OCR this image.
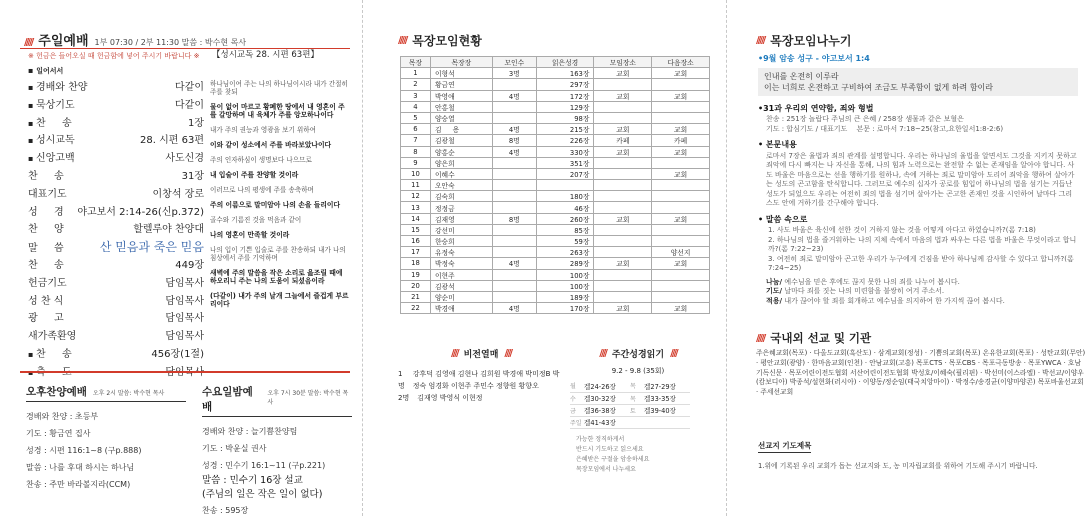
///// 주일예배 1부 07:30 / 2부 11:30 말씀 : 박수현 목사
※ 헌금은 들어오실 때 헌금함에 넣어 주시기 바랍니다 ※ 【성시교독 28. 시편 63편】
▪ 일어서서
▪ 경배와 찬양	다같이
▪ 묵상기도	다같이
▪ 찬 　 송	1장
▪ 성시교독	28. 시편 63편
▪ 신앙고백	사도신경
찬 　 송	31장
대표기도	이창석 장로
성 　 경 야고보서 2:14-26(신p.372)
찬 　 양	할렐루야 찬양대
말 　 씀	산 믿음과 죽은 믿음
찬 　 송	449장
헌금기도	담임목사
성 찬 식	담임목사
광 　 고	담임목사
새가족환영	담임목사
▪ 찬 　 송	456장(1절)
▪ 축 　 도	담임목사

하나님이여 주는 나의 하나님이시라 내가 간절히 주를 찾되

물이 없어 마르고 황폐한 땅에서 내 영혼이 주를 갈망하며 내 육체가 주를 앙모하나이다

내가 주의 권능과 영광을 보기 위하여

이와 같이 성소에서 주를 바라보았나이다

주의 인자하심이 생명보다 나으므로

내 입술이 주를 찬양할 것이라

이러므로 나의 평생에 주를 송축하며

주의 이름으로 말미암아 나의 손을 들리이다

골수와 기름진 것을 먹음과 같이

나의 영혼이 만족할 것이라

나의 입이 기쁜 입술로 주를 찬송하되 내가 나의 침상에서 주를 기억하며

새벽에 주의 말씀을 작은 소리로 읊조릴 때에 하오리니 주는 나의 도움이 되셨음이라

(다같이) 내가 주의 날개 그늘에서 즐겁게 부르리이다

오후찬양예배 오후 2시 말씀: 박수현 목사
경배와 찬양 : 초등부
기도 : 황금연 집사
성경 : 시편 116:1~8 (구p.888)
말씀 : 나를 후대 하시는 하나님
찬송 : 주만 바라볼지라(CCM)
수요일밤예배
오후 7시 30분 말씀: 박수현 목사
경배와 찬양 : 늘기쁨찬양팀
기도 : 박윤실 권사
성경 : 민수기 16:1~11 (구p.221)
말씀 : 민수기 16장 설교
(주님의 일은 작은 일이 없다)
찬송 : 595장
///// 목장모임현황
목장	목장장	모인수	읽은성경	모임장소	다음장소
1	이형석	3명	163장	교회	교회
2	황금연		297장		
3	박영애	4명	172장	교회	교회
4	안홍철		129장		
5	양승열		98장		
6	김 　 용	4명	215장	교회	교회
7	김광철	8명	226장	카페	카페
8	양홍순	4명	330장	교회	교회
9	양은희		351장		
10	이혜수		207장		교회
11	오안숙				
12	김숙희		180장		
13	정정금		46장		
14	김재영	8명	260장	교회	교회
15	강선미		85장		
16	한승희		59장		
17	유정숙		263장		양선지
18	박정숙	4명	289장	교회	교회
19	이현주		100장		
20	김광석		100장		
21	양순미		189장		
22	박경애	4명	170장	교회	교회
//// 비전열매 ////
1명
강후덕 김영애 김현나 김희원 박경애 박미정B 박정숙 엄경화 이현주 주민수 정향원 황향오
2명 김재영 박영식 이현정
//// 주간성경읽기 ////
9.2 - 9.8 (35회)
월	겔24-26장	목	겔27-29장
수	겔30-32장	목	겔33-35장
금	겔36-38장	토	겔39-40장
주일	겔41-43장		
가능한 정직하게서
반드시 기도하고 읽으세요
은혜받은 구절을 암송하세요
목장모임에서 나누세요
///// 목장모임나누기
•9월 암송 성구 - 야고보서 1:4
인내를 온전히 이루라
이는 너희로 온전하고 구비하여 조금도 부족함이 없게 하려 함이라
•31과 우리의 연약함, 죄와 형벌
찬송 : 251장 놀랍다 주님의 큰 은혜 / 258장 샘물과 같은 보혈은
기도 : 합심기도 / 대표기도 　본문 : 로마서 7:18~25(참고,요한일서1:8-2:6)
• 본문내용
로마서 7장은 율법과 죄의 관계를 설명합니다. 우리는 하나님의 율법을 알면서도 그것을 지키지 못하고 죄악에 다시 빠지는 나 자신을 통해, 나의 힘과 노력으로는 완전할 수 없는 존재임을 알아야 합니다. 사도 바울은 마음으로는 선을 행하기를 원하나, 속에 거하는 죄로 말미암아 도리어 죄악을 행하여 살아가는 성도의 곤고함을 탄식합니다. 그러므로 예수의 십자가 공로를 힘입어 하나님의 법을 섬기는 거듭난 성도가 되었으도 우리는 여전히 죄의 법을 섬기며 살아가는 곤고한 존재인 것을 시인하여 날마다 그리스도 안에 거하기를 간구해야 합니다.
• 말씀 속으로
1. 사도 바울은 육신에 선한 것이 거하지 않는 것을 어떻게 아다고 하였습니까?(롬 7:18)
2. 하나님의 법을 즐거워하는 나의 지체 속에서 마음의 법과 싸우는 다른 법을 바울은 무엇이라고 합니까?(롬 7:22~23)
3. 여전히 죄로 말미암아 곤고한 우리가 누구에게 건짐을 받아 하나님께 감사할 수 있다고 합니까?(롬 7:24~25)
나눔/ 예수님을 믿은 후에도 끊지 못한 나의 죄를 나누어 봅시다.
기도/ 날마다 죄를 짓는 나의 미련함을 불쌍히 여겨 주소서.
적용/ 내가 끊어야 할 죄를 회개하고 예수님을 의지하여 한 가지씩 끊어 봅시다.
///// 국내외 선교 및 기관
주은혜교회(목포) · 다올도교회(흑산도) · 삼계교회(정성) · 기쁨의교회(목포) 온유한교회(목포) · 성탄교회(무안) · 평안교회(광양) · 한마음교회(인천) · 안남교회(고흥) 목포CTS · 목포CBS · 목포극동방송 · 목포YWCA · 호남기독신문 · 목포어린이전도협회 서산어린이전도협회 박성호/이혜숙(필리핀) · 박선미(이스라엘) · 박선교/이양우(캄보디아) 박종석/설현화(러시아) · 이양동/정순임(태국치앙마이) · 박정수/송경균(이양마양콘) 목포바울선교회 · 주세선교회
선교지 기도제목
1.위에 기록된 우리 교회가 돕는 선교지와 도, 농 미자립교회를 위하여 기도해 주시기 바랍니다.
